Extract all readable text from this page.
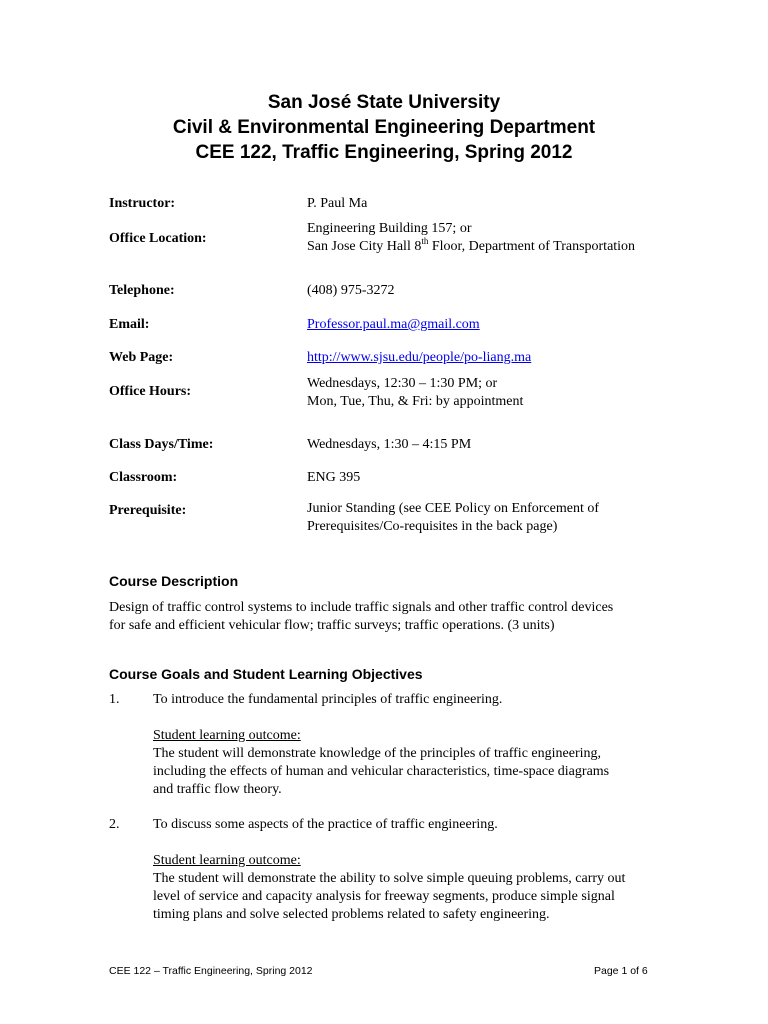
San José State University
Civil & Environmental Engineering Department
CEE 122, Traffic Engineering, Spring 2012
Instructor:	P. Paul Ma
Office Location:
Engineering Building 157; or
San Jose City Hall 8th Floor, Department of Transportation
Telephone:	(408) 975-3272
Email:	Professor.paul.ma@gmail.com
Web Page:	http://www.sjsu.edu/people/po-liang.ma
Office Hours:
Wednesdays, 12:30 – 1:30 PM; or
Mon, Tue, Thu, & Fri: by appointment
Class Days/Time:	Wednesdays, 1:30 – 4:15 PM
Classroom:	ENG 395
Prerequisite:	Junior Standing (see CEE Policy on Enforcement of
Prerequisites/Co-requisites in the back page)
Course Description
Design of traffic control systems to include traffic signals and other traffic control devices
for safe and efficient vehicular flow; traffic surveys; traffic operations. (3 units)
Course Goals and Student Learning Objectives
1. To introduce the fundamental principles of traffic engineering.
Student learning outcome:
The student will demonstrate knowledge of the principles of traffic engineering,
including the effects of human and vehicular characteristics, time-space diagrams
and traffic flow theory.
2. To discuss some aspects of the practice of traffic engineering.
Student learning outcome:
The student will demonstrate the ability to solve simple queuing problems, carry out
level of service and capacity analysis for freeway segments, produce simple signal
timing plans and solve selected problems related to safety engineering.
CEE 122 – Traffic Engineering, Spring 2012	Page 1 of 6
